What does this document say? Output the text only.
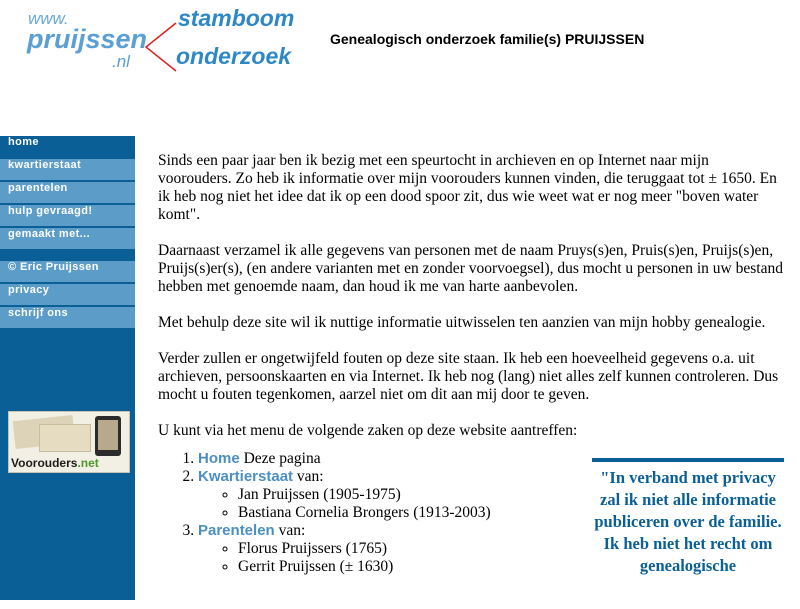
www.
pruijssen
.nl
stamboom
onderzoek
Genealogisch onderzoek familie(s) PRUIJSSEN
home
kwartierstaat
parentelen
hulp gevraagd!
gemaakt met...
© Eric Pruijssen
privacy
schrijf ons
Voorouders.net

Sinds een paar jaar ben ik bezig met een speurtocht in archieven en op Internet naar mijn voorouders. Zo heb ik informatie over mijn voorouders kunnen vinden, die teruggaat tot ± 1650. En ik heb nog niet het idee dat ik op een dood spoor zit, dus wie weet wat er nog meer "boven water komt".

Daarnaast verzamel ik alle gegevens van personen met de naam Pruys(s)en, Pruis(s)en, Pruijs(s)en, Pruijs(s)er(s), (en andere varianten met en zonder voorvoegsel), dus mocht u personen in uw bestand hebben met genoemde naam, dan houd ik me van harte aanbevolen.

Met behulp deze site wil ik nuttige informatie uitwisselen ten aanzien van mijn hobby genealogie.

Verder zullen er ongetwijfeld fouten op deze site staan. Ik heb een hoeveelheid gegevens o.a. uit archieven, persoonskaarten en via Internet. Ik heb nog (lang) niet alles zelf kunnen controleren. Dus mocht u fouten tegenkomen, aarzel niet om dit aan mij door te geven.

U kunt via het menu de volgende zaken op deze website aantreffen:

1. Home Deze pagina
2. Kwartierstaat van:
◦ Jan Pruijssen (1905-1975)
◦ Bastiana Cornelia Brongers (1913-2003)
3. Parentelen van:
◦ Florus Pruijssers (1765)
◦ Gerrit Pruijssen (± 1630)
"In verband met privacy zal ik niet alle informatie publiceren over de familie. Ik heb niet het recht om genealogische
